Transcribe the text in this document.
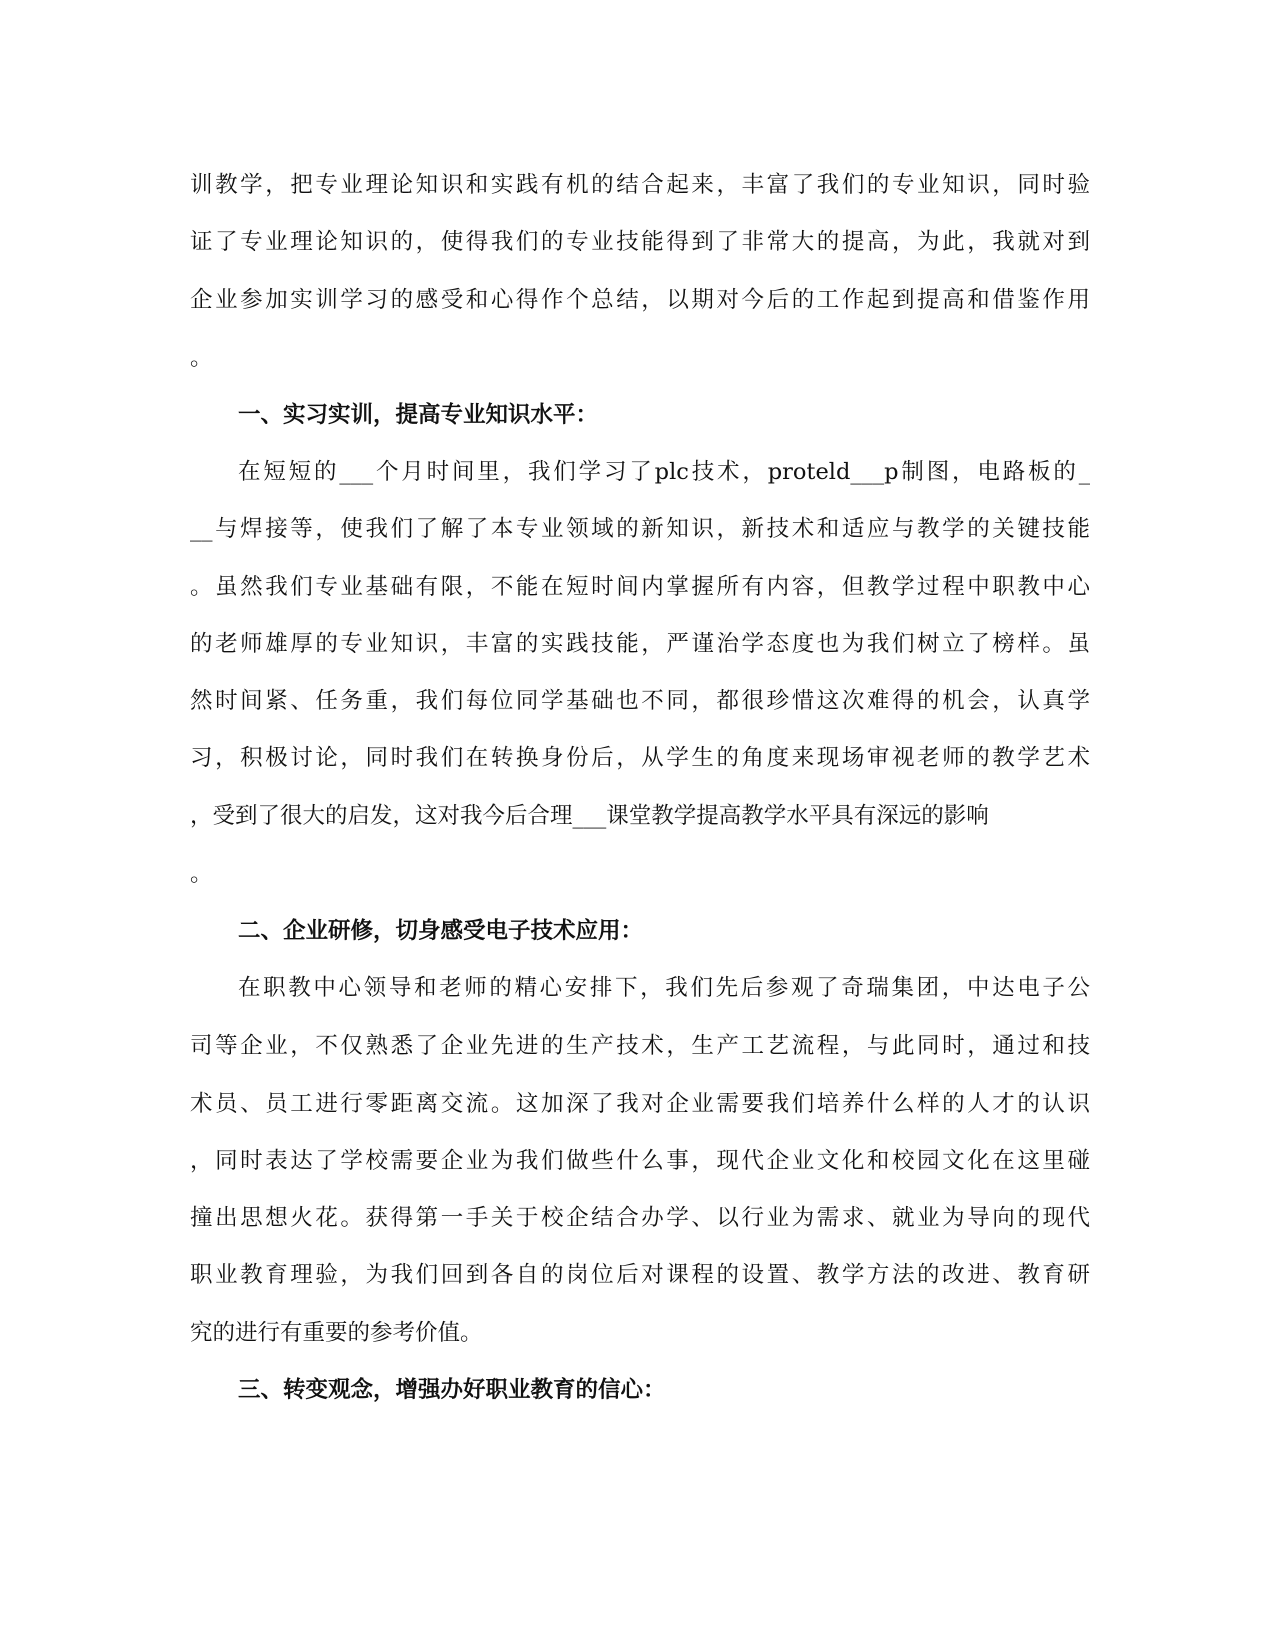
训教学，把专业理论知识和实践有机的结合起来，丰富了我们的专业知识，同时验
证了专业理论知识的，使得我们的专业技能得到了非常大的提高，为此，我就对到
企业参加实训学习的感受和心得作个总结，以期对今后的工作起到提高和借鉴作用
。
一、实习实训，提高专业知识水平：
在短短的___个月时间里，我们学习了plc技术，proteld___p制图，电路板的_
__与焊接等，使我们了解了本专业领域的新知识，新技术和适应与教学的关键技能
。虽然我们专业基础有限，不能在短时间内掌握所有内容，但教学过程中职教中心
的老师雄厚的专业知识，丰富的实践技能，严谨治学态度也为我们树立了榜样。虽
然时间紧、任务重，我们每位同学基础也不同，都很珍惜这次难得的机会，认真学
习，积极讨论，同时我们在转换身份后，从学生的角度来现场审视老师的教学艺术
，受到了很大的启发，这对我今后合理___课堂教学提高教学水平具有深远的影响
。
二、企业研修，切身感受电子技术应用：
在职教中心领导和老师的精心安排下，我们先后参观了奇瑞集团，中达电子公
司等企业，不仅熟悉了企业先进的生产技术，生产工艺流程，与此同时，通过和技
术员、员工进行零距离交流。这加深了我对企业需要我们培养什么样的人才的认识
，同时表达了学校需要企业为我们做些什么事，现代企业文化和校园文化在这里碰
撞出思想火花。获得第一手关于校企结合办学、以行业为需求、就业为导向的现代
职业教育理验，为我们回到各自的岗位后对课程的设置、教学方法的改进、教育研
究的进行有重要的参考价值。
三、转变观念，增强办好职业教育的信心：
